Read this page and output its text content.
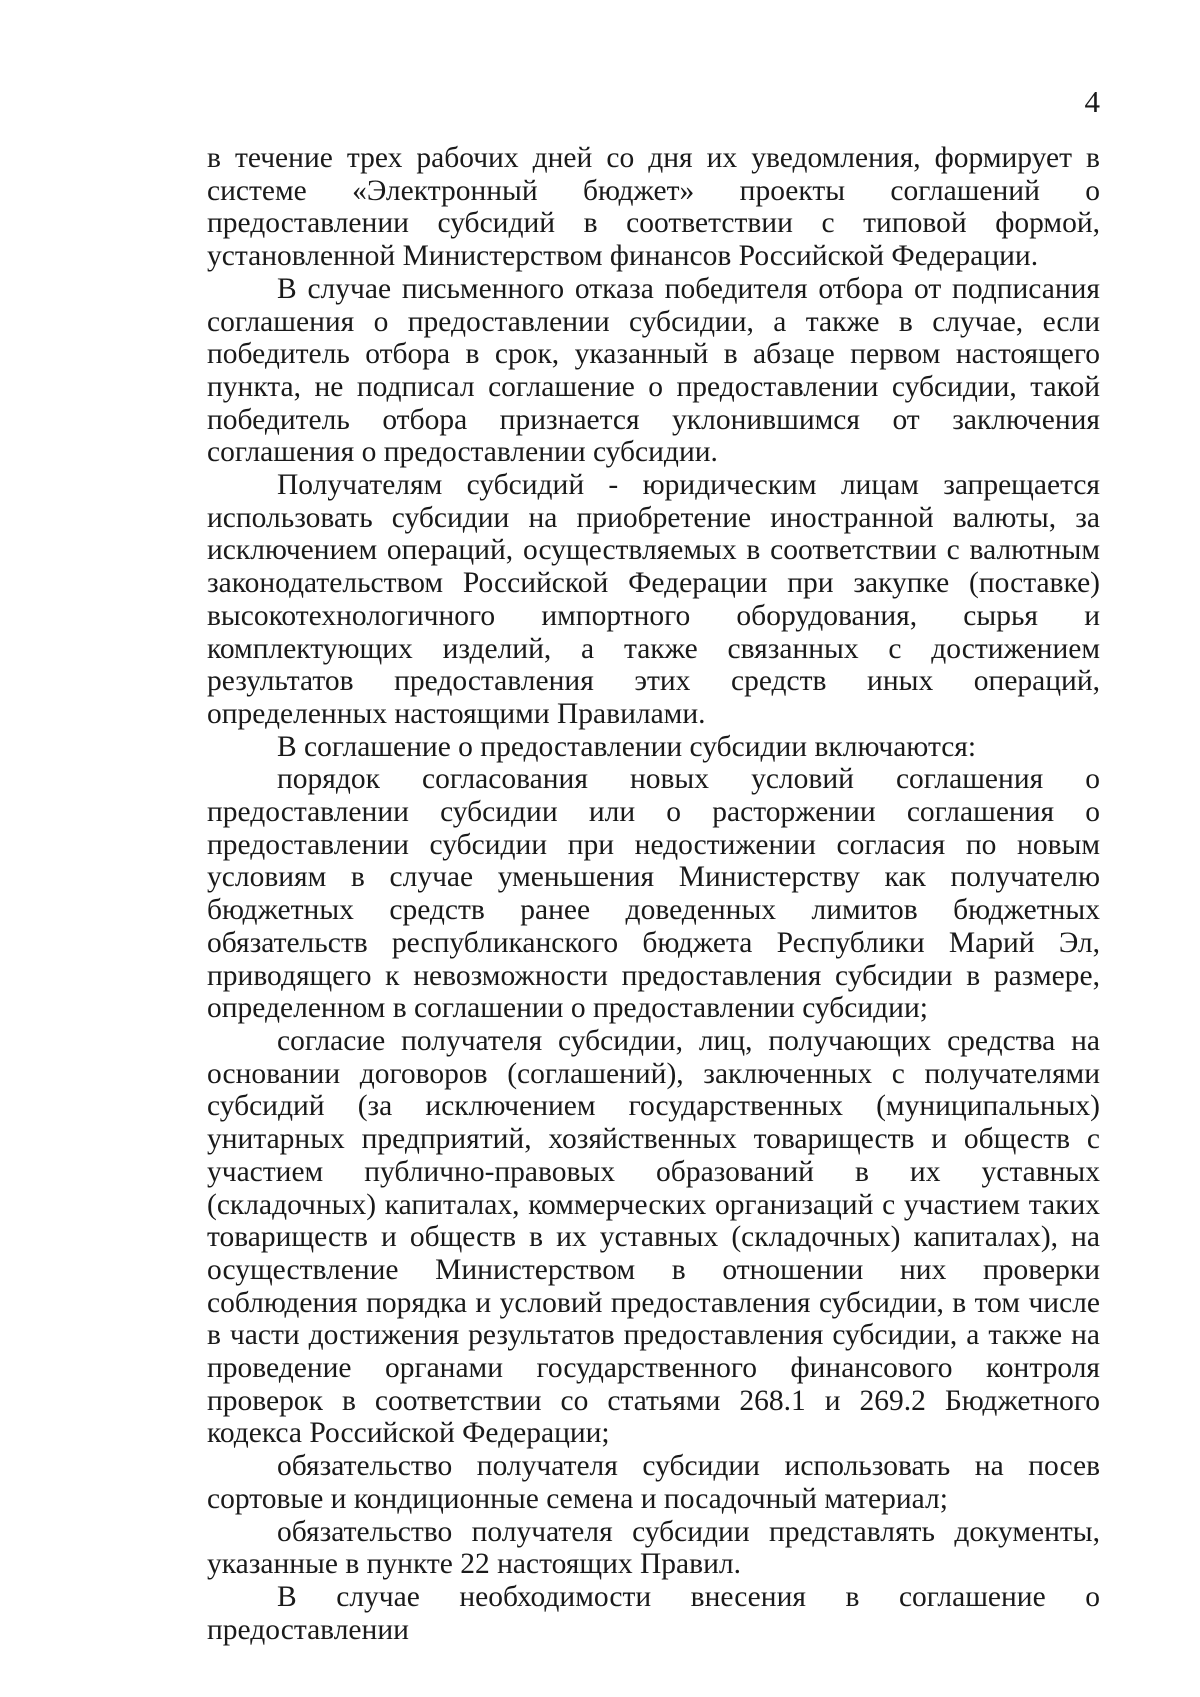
4

в течение трех рабочих дней со дня их уведомления, формирует в системе «Электронный бюджет» проекты соглашений о предоставлении субсидий в соответствии с типовой формой, установленной Министерством финансов Российской Федерации.

В случае письменного отказа победителя отбора от подписания соглашения о предоставлении субсидии, а также в случае, если победитель отбора в срок, указанный в абзаце первом настоящего пункта, не подписал соглашение о предоставлении субсидии, такой победитель отбора признается уклонившимся от заключения соглашения о предоставлении субсидии.

Получателям субсидий - юридическим лицам запрещается использовать субсидии на приобретение иностранной валюты, за исключением операций, осуществляемых в соответствии с валютным законодательством Российской Федерации при закупке (поставке) высокотехнологичного импортного оборудования, сырья и комплектующих изделий, а также связанных с достижением результатов предоставления этих средств иных операций, определенных настоящими Правилами.

В соглашение о предоставлении субсидии включаются:

порядок согласования новых условий соглашения о предоставлении субсидии или о расторжении соглашения о предоставлении субсидии при недостижении согласия по новым условиям в случае уменьшения Министерству как получателю бюджетных средств ранее доведенных лимитов бюджетных обязательств республиканского бюджета Республики Марий Эл, приводящего к невозможности предоставления субсидии в размере, определенном в соглашении о предоставлении субсидии;

согласие получателя субсидии, лиц, получающих средства на основании договоров (соглашений), заключенных с получателями субсидий (за исключением государственных (муниципальных) унитарных предприятий, хозяйственных товариществ и обществ с участием публично-правовых образований в их уставных (складочных) капиталах, коммерческих организаций с участием таких товариществ и обществ в их уставных (складочных) капиталах), на осуществление Министерством в отношении них проверки соблюдения порядка и условий предоставления субсидии, в том числе в части достижения результатов предоставления субсидии, а также на проведение органами государственного финансового контроля проверок в соответствии со статьями 268.1 и 269.2 Бюджетного кодекса Российской Федерации;

обязательство получателя субсидии использовать на посев сортовые и кондиционные семена и посадочный материал;

обязательство получателя субсидии представлять документы, указанные в пункте 22 настоящих Правил.

В случае необходимости внесения в соглашение о предоставлении
